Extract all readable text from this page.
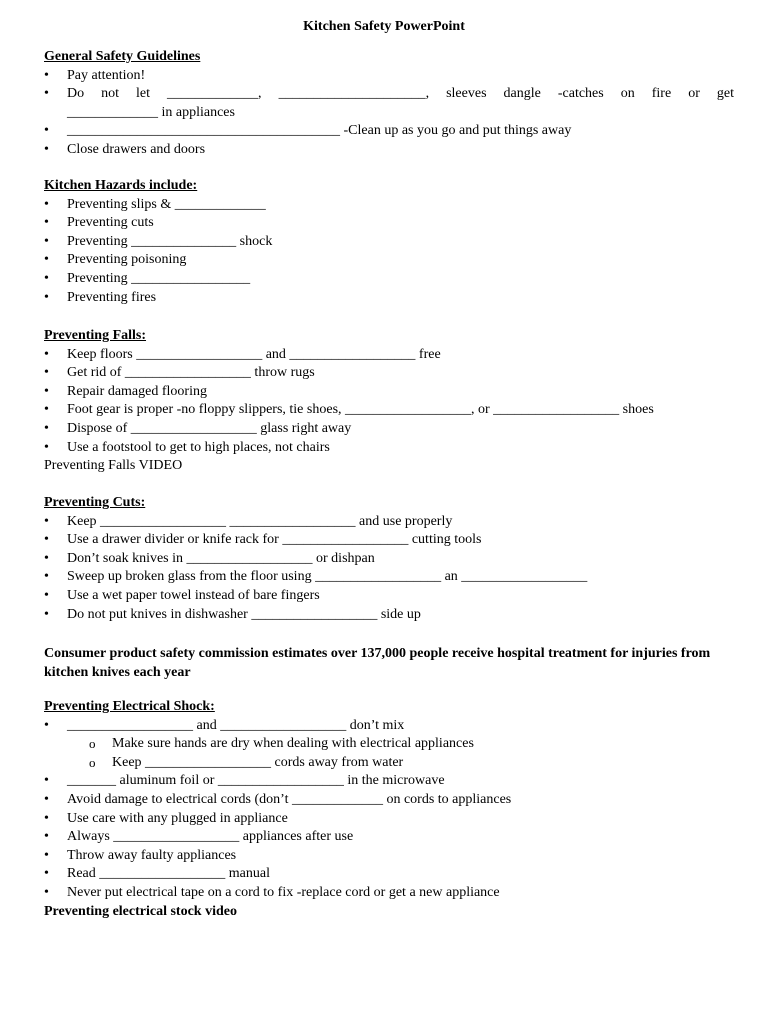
Kitchen Safety PowerPoint
General Safety Guidelines
• Pay attention!
• Do not let _____________, _____________________, sleeves dangle -catches on fire or get
_____________ in appliances
• _______________________________________ -Clean up as you go and put things away
• Close drawers and doors
Kitchen Hazards include:
• Preventing slips & _____________
• Preventing cuts
• Preventing _______________ shock
• Preventing poisoning
• Preventing _________________
• Preventing fires
Preventing Falls:
• Keep floors __________________ and __________________ free
• Get rid of __________________ throw rugs
• Repair damaged flooring
• Foot gear is proper -no floppy slippers, tie shoes, __________________, or __________________ shoes
• Dispose of __________________ glass right away
• Use a footstool to get to high places, not chairs
Preventing Falls VIDEO
Preventing Cuts:
• Keep __________________ __________________ and use properly
• Use a drawer divider or knife rack for __________________ cutting tools
• Don’t soak knives in __________________ or dishpan
• Sweep up broken glass from the floor using __________________ an __________________
• Use a wet paper towel instead of bare fingers
• Do not put knives in dishwasher __________________ side up
Consumer product safety commission estimates over 137,000 people receive hospital treatment for injuries from kitchen knives each year
Preventing Electrical Shock:
• __________________ and __________________ don’t mix
o Make sure hands are dry when dealing with electrical appliances
o Keep __________________ cords away from water
• _______ aluminum foil or __________________ in the microwave
• Avoid damage to electrical cords (don’t _____________ on cords to appliances
• Use care with any plugged in appliance
• Always __________________ appliances after use
• Throw away faulty appliances
• Read __________________ manual
• Never put electrical tape on a cord to fix -replace cord or get a new appliance
Preventing electrical stock video
